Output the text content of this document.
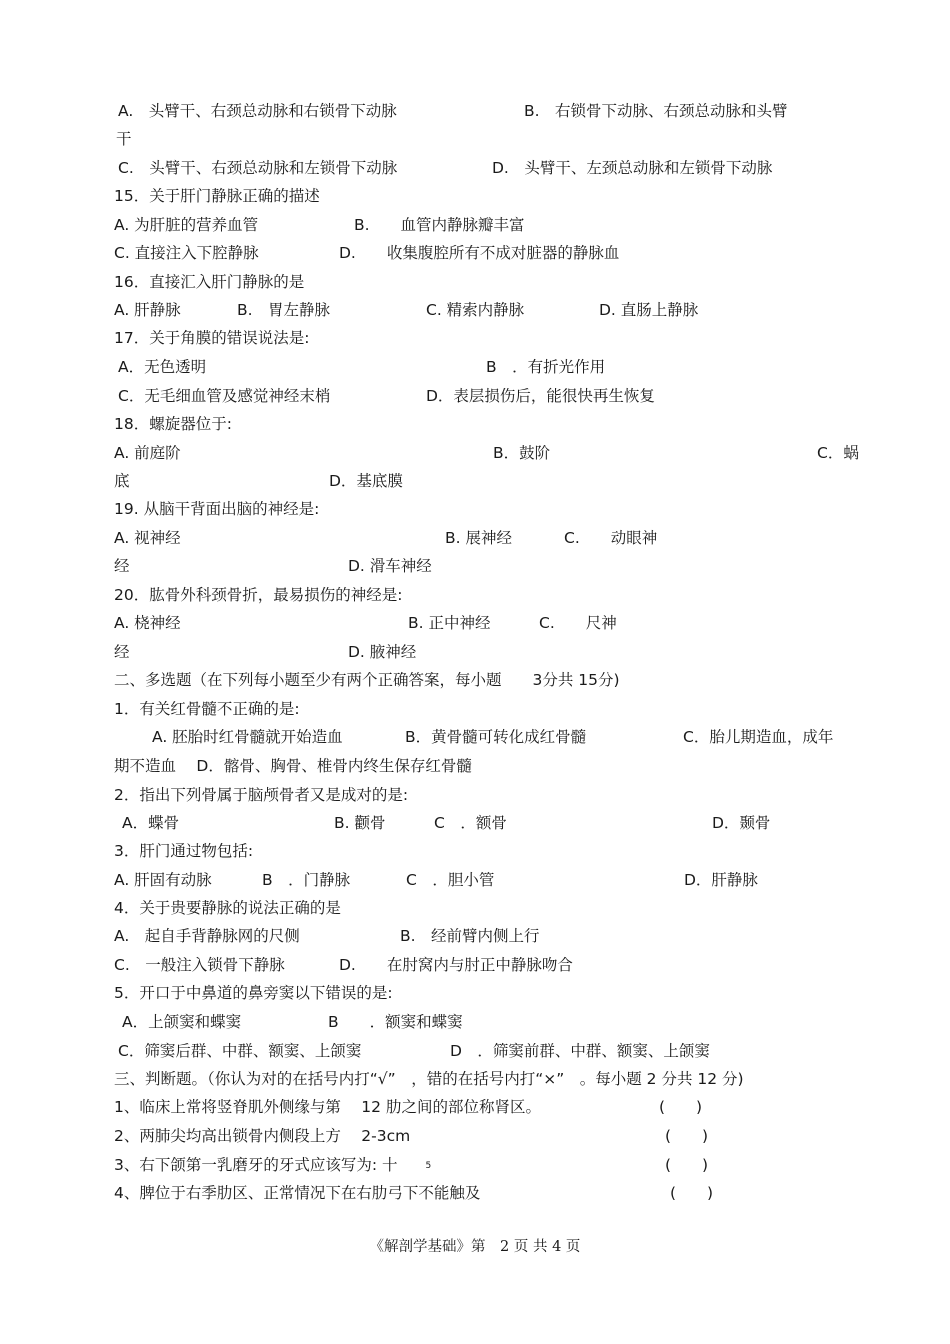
A.　头臂干、右颈总动脉和右锁骨下动脉	B.　右锁骨下动脉、右颈总动脉和头臂
干
C.　头臂干、右颈总动脉和左锁骨下动脉	D.　头臂干、左颈总动脉和左锁骨下动脉
15．关于肝门静脉正确的描述
A. 为肝脏的营养血管	B.　　血管内静脉瓣丰富
C. 直接注入下腔静脉	D.　　收集腹腔所有不成对脏器的静脉血
16．直接汇入肝门静脉的是
A. 肝静脉	B.　胃左静脉	C. 精索内静脉	D. 直肠上静脉
17．关于角膜的错误说法是:
A．无色透明	B　．有折光作用
C．无毛细血管及感觉神经末梢	D．表层损伤后，能很快再生恢复
18．螺旋器位于:
A. 前庭阶	B．鼓阶	C．蜗
底	D．基底膜
19. 从脑干背面出脑的神经是:
A. 视神经	B. 展神经	C.　　动眼神
经	D. 滑车神经
20．肱骨外科颈骨折，最易损伤的神经是:
A. 桡神经	B. 正中神经	C.　　尺神
经	D. 腋神经
二、多选题（在下列每小题至少有两个正确答案，每小题　　3分共 15分)
1．有关红骨髓不正确的是:
A. 胚胎时红骨髓就开始造血	B．黄骨髓可转化成红骨髓	C．胎儿期造血，成年
期不造血　 D．髂骨、胸骨、椎骨内终生保存红骨髓
2．指出下列骨属于脑颅骨者又是成对的是:
A．蝶骨	B. 颧骨	C　．额骨	D．颞骨
3．肝门通过物包括:
A. 肝固有动脉	B　．门静脉	C　．胆小管	D．肝静脉
4．关于贵要静脉的说法正确的是
A.　起自手背静脉网的尺侧	B.　经前臂内侧上行
C.　一般注入锁骨下静脉	D.　　在肘窝内与肘正中静脉吻合
5．开口于中鼻道的鼻旁窦以下错误的是:
A．上颌窦和蝶窦	B　　．额窦和蝶窦
C．筛窦后群、中群、额窦、上颌窦	D　．筛窦前群、中群、额窦、上颌窦
三、判断题。（你认为对的在括号内打“√”　，错的在括号内打“×”　。每小题 2 分共 12 分)
1、临床上常将竖脊肌外侧缘与第　 12 肋之间的部位称肾区。	(　　)
2、两肺尖均高出锁骨内侧段上方　 2-3cm	(　　)
3、右下颌第一乳磨牙的牙式应该写为: 十	5	(　　)
4、脾位于右季肋区、正常情况下在右肋弓下不能触及	(　　)
《解剖学基础》第　2 页 共 4 页
